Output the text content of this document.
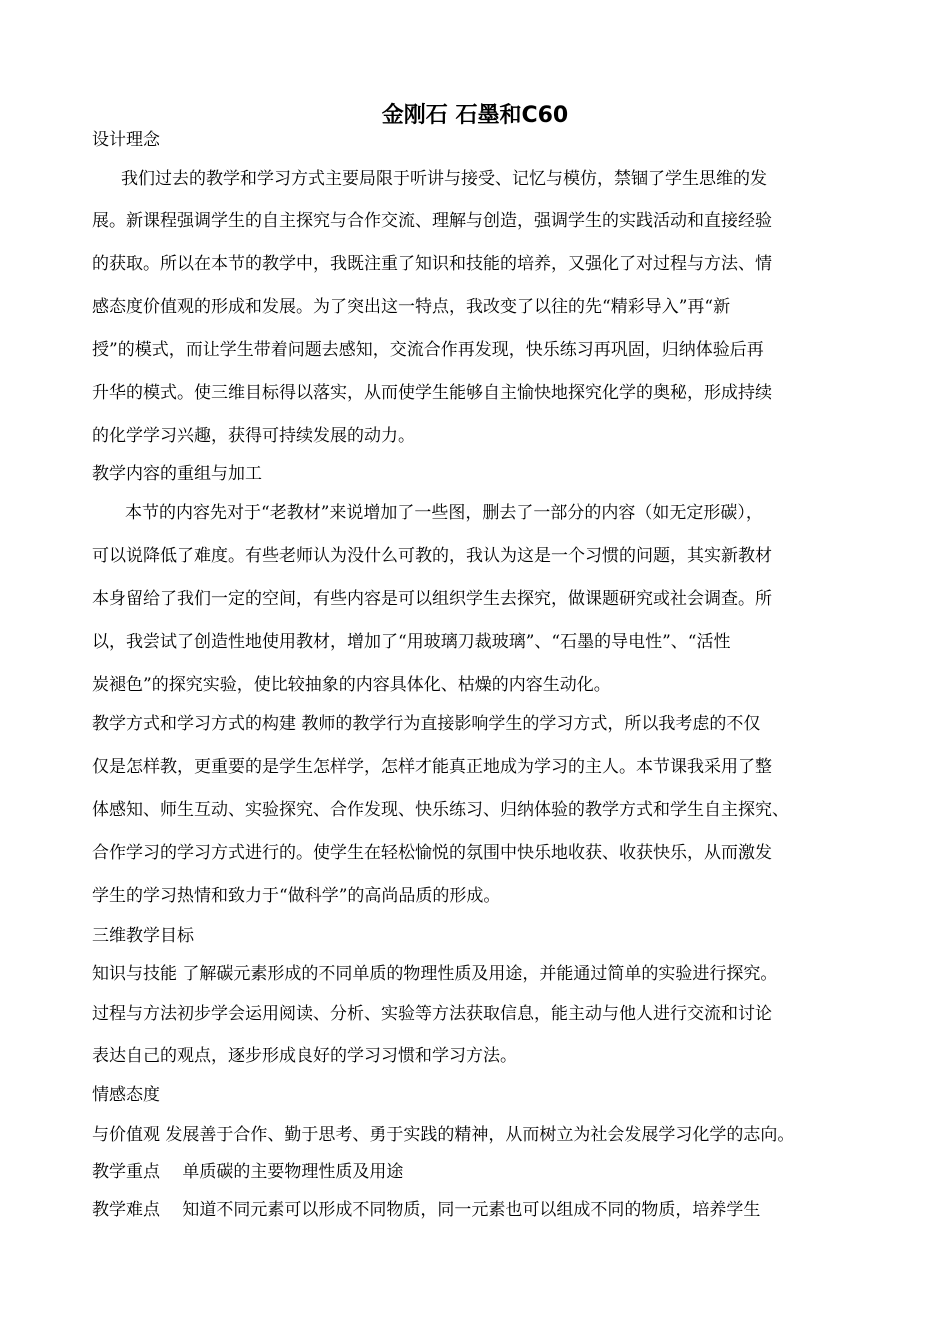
金刚石 石墨和C60
设计理念
我们过去的教学和学习方式主要局限于听讲与接受、记忆与模仿，禁锢了学生思维的发
展。新课程强调学生的自主探究与合作交流、理解与创造，强调学生的实践活动和直接经验
的获取。所以在本节的教学中，我既注重了知识和技能的培养，又强化了对过程与方法、情
感态度价值观的形成和发展。为了突出这一特点，我改变了以往的先“精彩导入”再“新
授”的模式，而让学生带着问题去感知，交流合作再发现，快乐练习再巩固，归纳体验后再
升华的模式。使三维目标得以落实，从而使学生能够自主愉快地探究化学的奥秘，形成持续
的化学学习兴趣，获得可持续发展的动力。
教学内容的重组与加工
本节的内容先对于“老教材”来说增加了一些图，删去了一部分的内容（如无定形碳），
可以说降低了难度。有些老师认为没什么可教的，我认为这是一个习惯的问题，其实新教材
本身留给了我们一定的空间，有些内容是可以组织学生去探究，做课题研究或社会调查。所
以，我尝试了创造性地使用教材，增加了“用玻璃刀裁玻璃”、“石墨的导电性”、“活性
炭褪色”的探究实验，使比较抽象的内容具体化、枯燥的内容生动化。
教学方式和学习方式的构建 教师的教学行为直接影响学生的学习方式，所以我考虑的不仅
仅是怎样教，更重要的是学生怎样学，怎样才能真正地成为学习的主人。本节课我采用了整
体感知、师生互动、实验探究、合作发现、快乐练习、归纳体验的教学方式和学生自主探究、
合作学习的学习方式进行的。使学生在轻松愉悦的氛围中快乐地收获、收获快乐，从而激发
学生的学习热情和致力于“做科学”的高尚品质的形成。
三维教学目标
知识与技能 了解碳元素形成的不同单质的物理性质及用途，并能通过简单的实验进行探究。
过程与方法初步学会运用阅读、分析、实验等方法获取信息，能主动与他人进行交流和讨论
表达自己的观点，逐步形成良好的学习习惯和学习方法。
情感态度
与价值观 发展善于合作、勤于思考、勇于实践的精神，从而树立为社会发展学习化学的志向。
教学重点　 单质碳的主要物理性质及用途
教学难点　 知道不同元素可以形成不同物质，同一元素也可以组成不同的物质，培养学生
